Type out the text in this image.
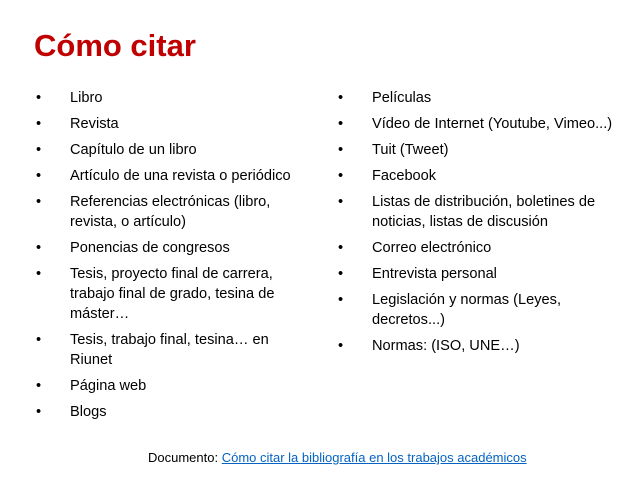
Cómo citar
• Libro
• Revista
• Capítulo de un libro
• Artículo de una revista o periódico
• Referencias electrónicas (libro, revista, o artículo)
• Ponencias de congresos
• Tesis, proyecto final de carrera, trabajo final de grado, tesina de máster…
• Tesis, trabajo final, tesina… en Riunet
• Página web
• Blogs
• Películas
• Vídeo de Internet (Youtube, Vimeo...)
• Tuit (Tweet)
• Facebook
• Listas de distribución, boletines de noticias, listas de discusión
• Correo electrónico
• Entrevista personal
• Legislación y normas (Leyes, decretos...)
• Normas: (ISO, UNE…)
Documento: Cómo citar la bibliografía en los trabajos académicos
